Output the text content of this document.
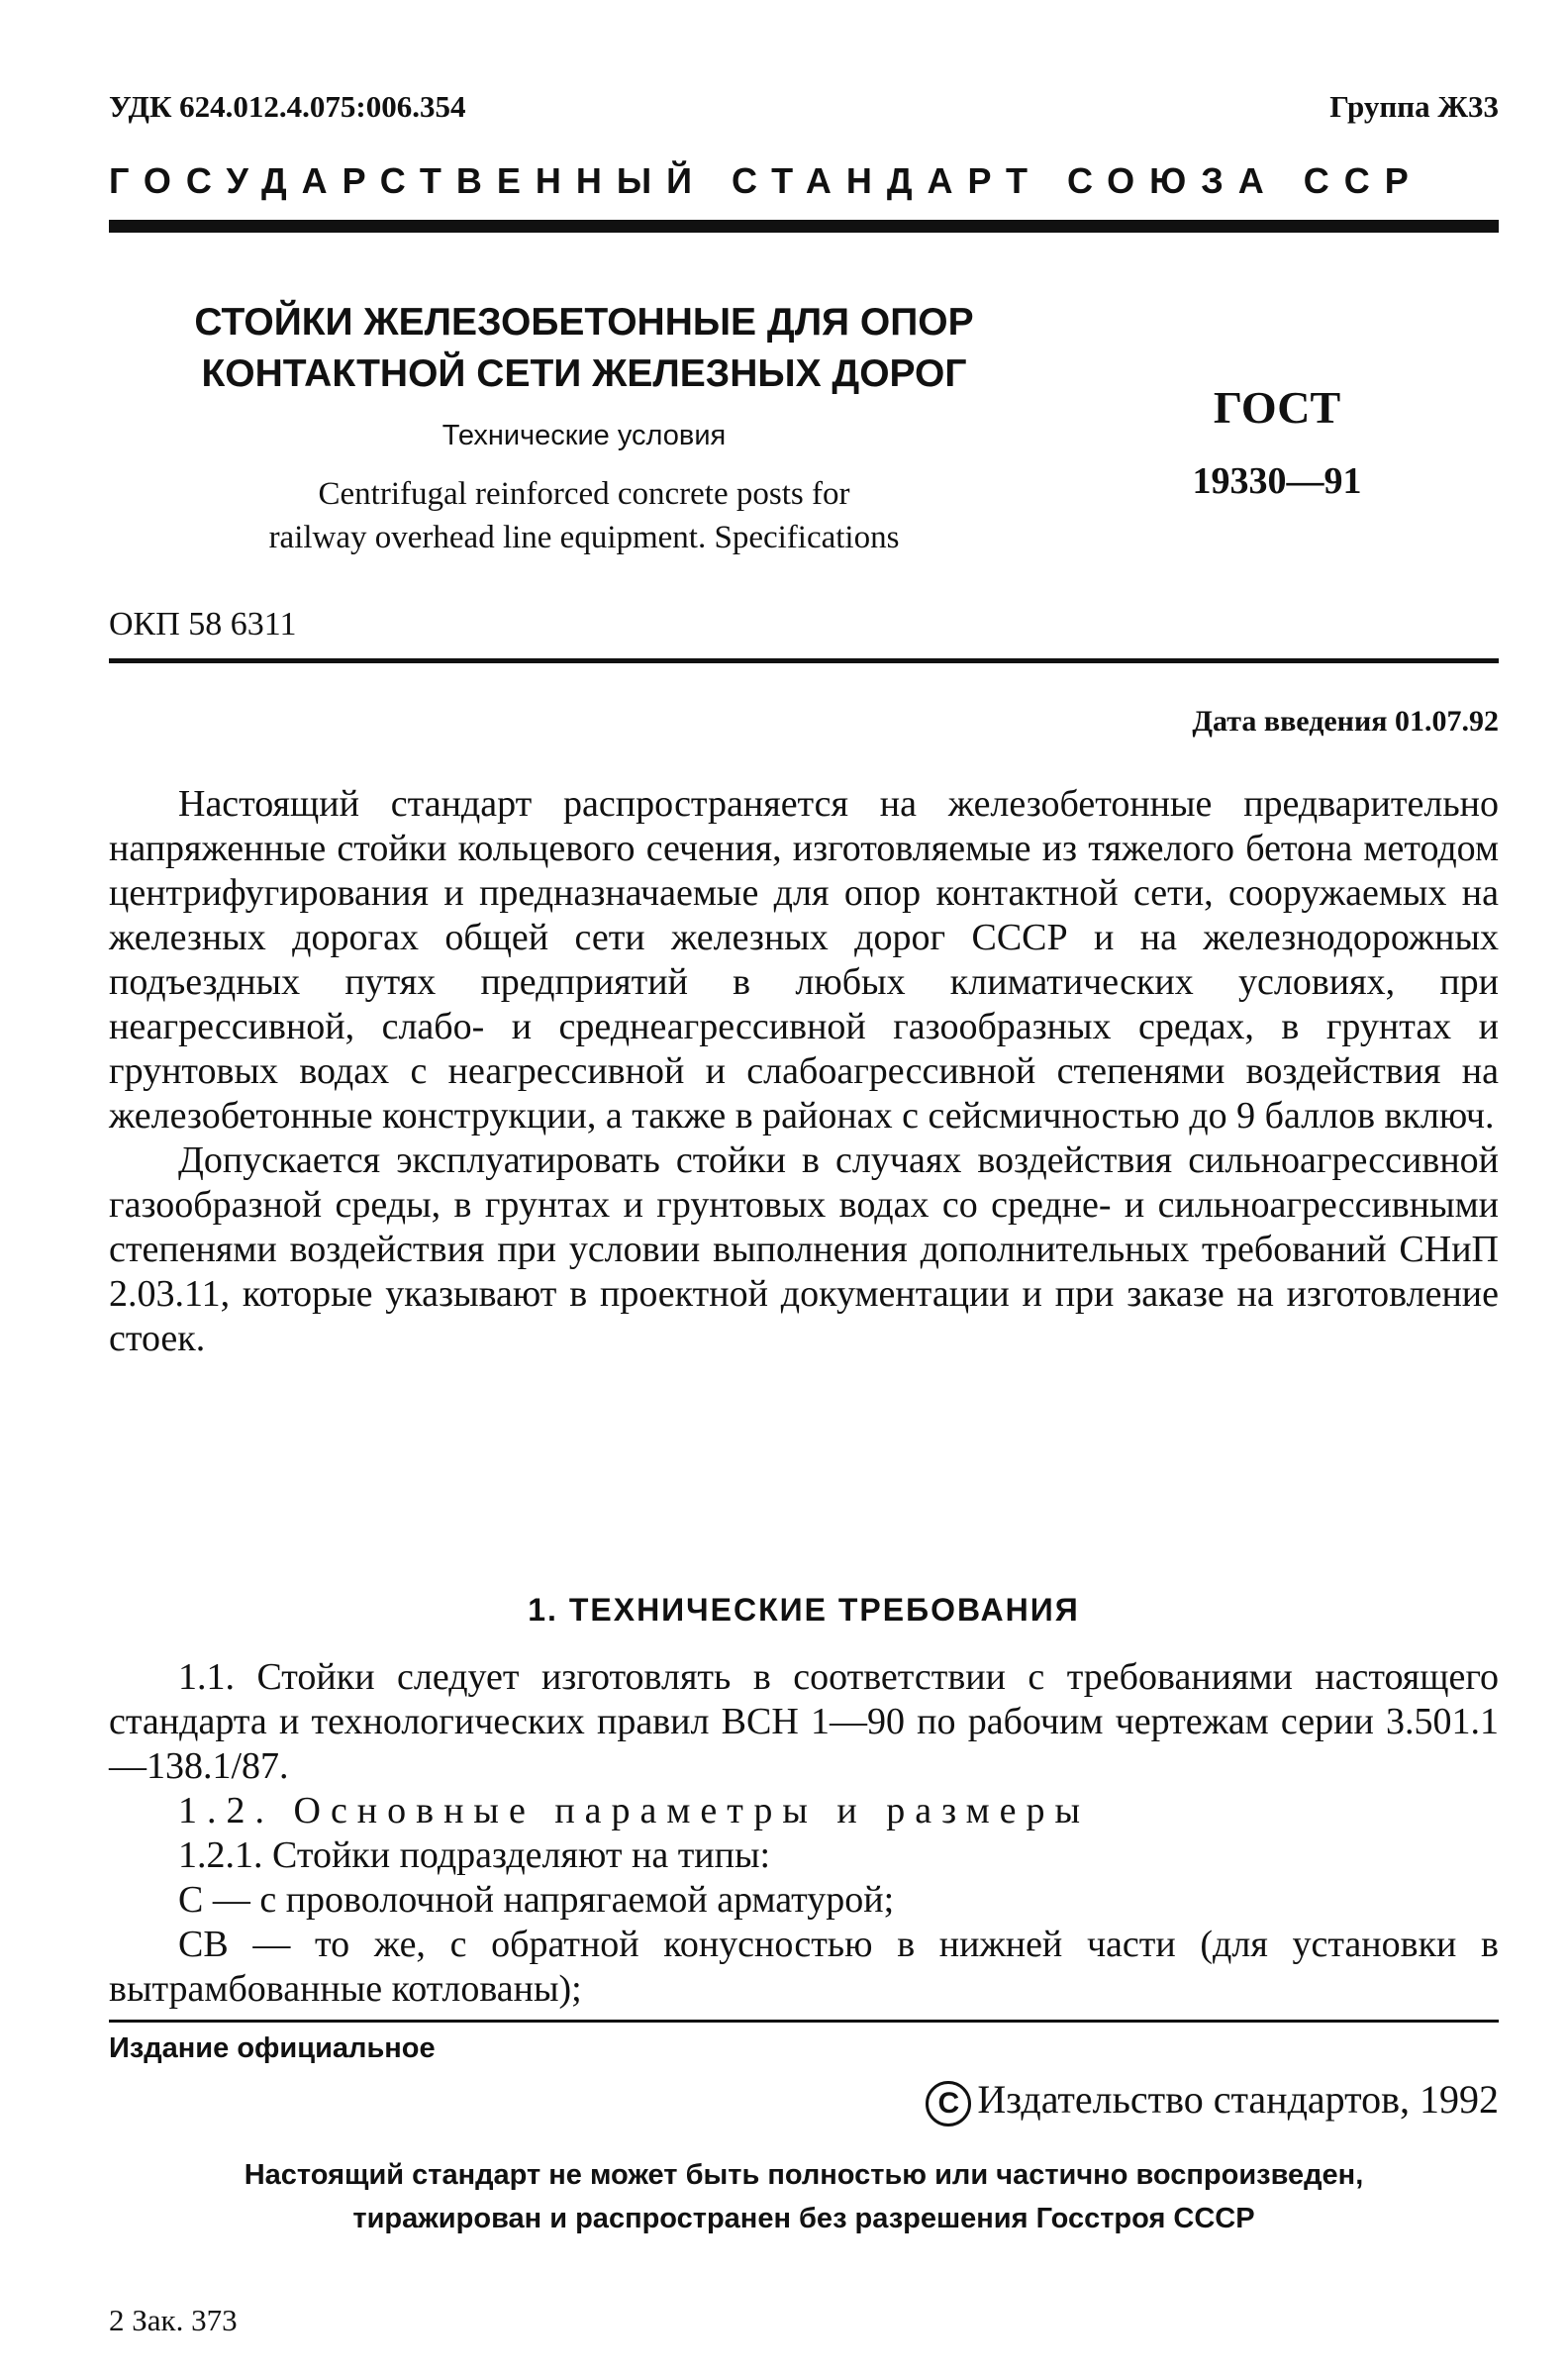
УДК 624.012.4.075:006.354	Группа Ж33
ГОСУДАРСТВЕННЫЙ СТАНДАРТ СОЮЗА ССР
СТОЙКИ ЖЕЛЕЗОБЕТОННЫЕ ДЛЯ ОПОР
КОНТАКТНОЙ СЕТИ ЖЕЛЕЗНЫХ ДОРОГ
Технические условия
Centrifugal reinforced concrete posts for
railway overhead line equipment. Specifications
ГОСТ
19330—91
ОКП 58 6311
Дата введения 01.07.92

Настоящий стандарт распространяется на железобетонные предварительно напряженные стойки кольцевого сечения, изготовляемые из тяжелого бетона методом центрифугирования и предназначаемые для опор контактной сети, сооружаемых на железных дорогах общей сети железных дорог СССР и на железнодорожных подъездных путях предприятий в любых климатических условиях, при неагрессивной, слабо- и среднеагрессивной газообразных средах, в грунтах и грунтовых водах с неагрессивной и слабоагрессивной степенями воздействия на железобетонные конструкции, а также в районах с сейсмичностью до 9 баллов включ.

Допускается эксплуатировать стойки в случаях воздействия сильноагрессивной газообразной среды, в грунтах и грунтовых водах со средне- и сильноагрессивными степенями воздействия при условии выполнения дополнительных требований СНиП 2.03.11, которые указывают в проектной документации и при заказе на изготовление стоек.

1. ТЕХНИЧЕСКИЕ ТРЕБОВАНИЯ

1.1. Стойки следует изготовлять в соответствии с требованиями настоящего стандарта и технологических правил ВСН 1—90 по рабочим чертежам серии 3.501.1—138.1/87.

1.2. Основные параметры и размеры

1.2.1. Стойки подразделяют на типы:

С — с проволочной напрягаемой арматурой;

СВ — то же, с обратной конусностью в нижней части (для установки в вытрамбованные котлованы);

Издание официальное
C Издательство стандартов, 1992
Настоящий стандарт не может быть полностью или частично воспроизведен,
тиражирован и распространен без разрешения Госстроя СССР
2 Зак. 373
